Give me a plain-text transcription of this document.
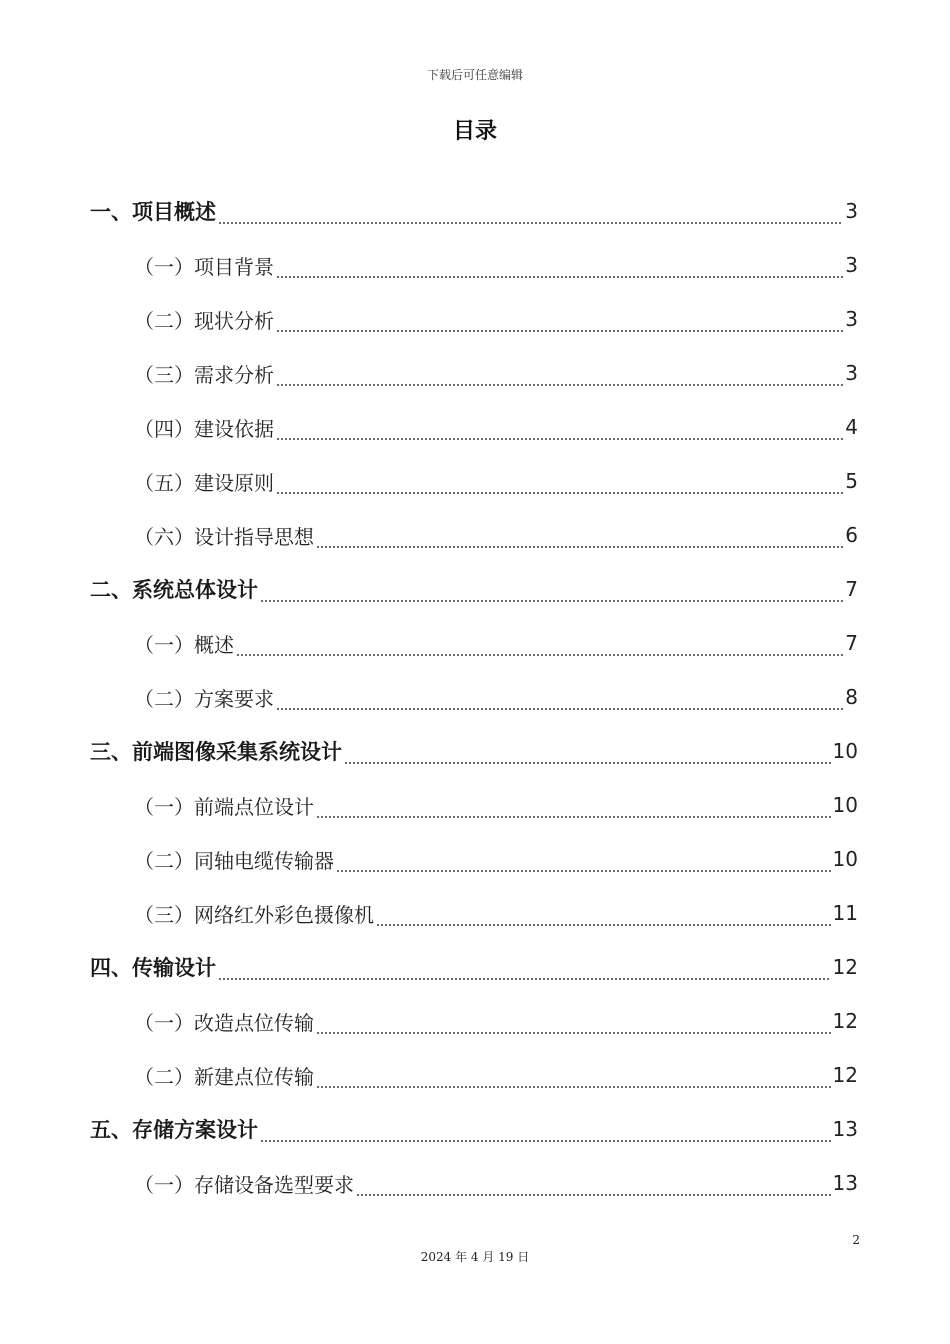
下载后可任意编辑
目录
一、项目概述	3
（一）项目背景	3
（二）现状分析	3
（三）需求分析	3
（四）建设依据	4
（五）建设原则	5
（六）设计指导思想	6
二、系统总体设计	7
（一）概述	7
（二）方案要求	8
三、前端图像采集系统设计	10
（一）前端点位设计	10
（二）同轴电缆传输器	10
（三）网络红外彩色摄像机	11
四、传输设计	12
（一）改造点位传输	12
（二）新建点位传输	12
五、存储方案设计	13
（一）存储设备选型要求	13
2
2024 年 4 月 19 日
